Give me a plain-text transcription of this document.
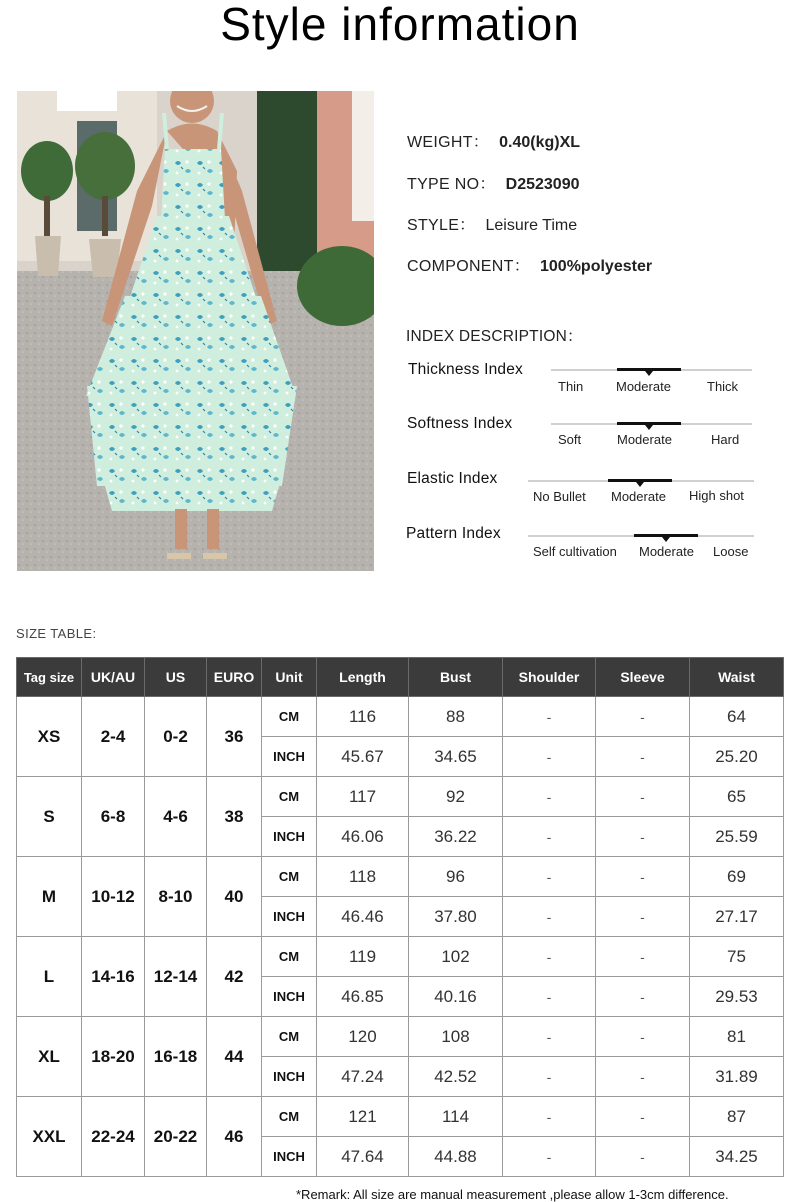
Style information
WEIGHT： 0.40(kg)XL
TYPE NO： D2523090
STYLE： Leisure Time
COMPONENT： 100%polyester
INDEX DESCRIPTION：
Thickness Index
Thin	Moderate	Thick
Softness Index
Soft	Moderate	Hard
Elastic Index
No Bullet Moderate High shot
Pattern Index
Self cultivation Moderate Loose
SIZE TABLE:
Tag size	UK/AU	US	EURO	Unit	Length	Bust	Shoulder	Sleeve	Waist
XS	2-4	0-2	36	CM	116	88	-	-	64
				INCH	45.67	34.65	-	-	25.20
S	6-8	4-6	38	CM	117	92	-	-	65
				INCH	46.06	36.22	-	-	25.59
M	10-12	8-10	40	CM	118	96	-	-	69
				INCH	46.46	37.80	-	-	27.17
L	14-16	12-14	42	CM	119	102	-	-	75
				INCH	46.85	40.16	-	-	29.53
XL	18-20	16-18	44	CM	120	108	-	-	81
				INCH	47.24	42.52	-	-	31.89
XXL	22-24	20-22	46	CM	121	114	-	-	87
				INCH	47.64	44.88	-	-	34.25
*Remark: All size are manual measurement ,please allow 1-3cm difference.
